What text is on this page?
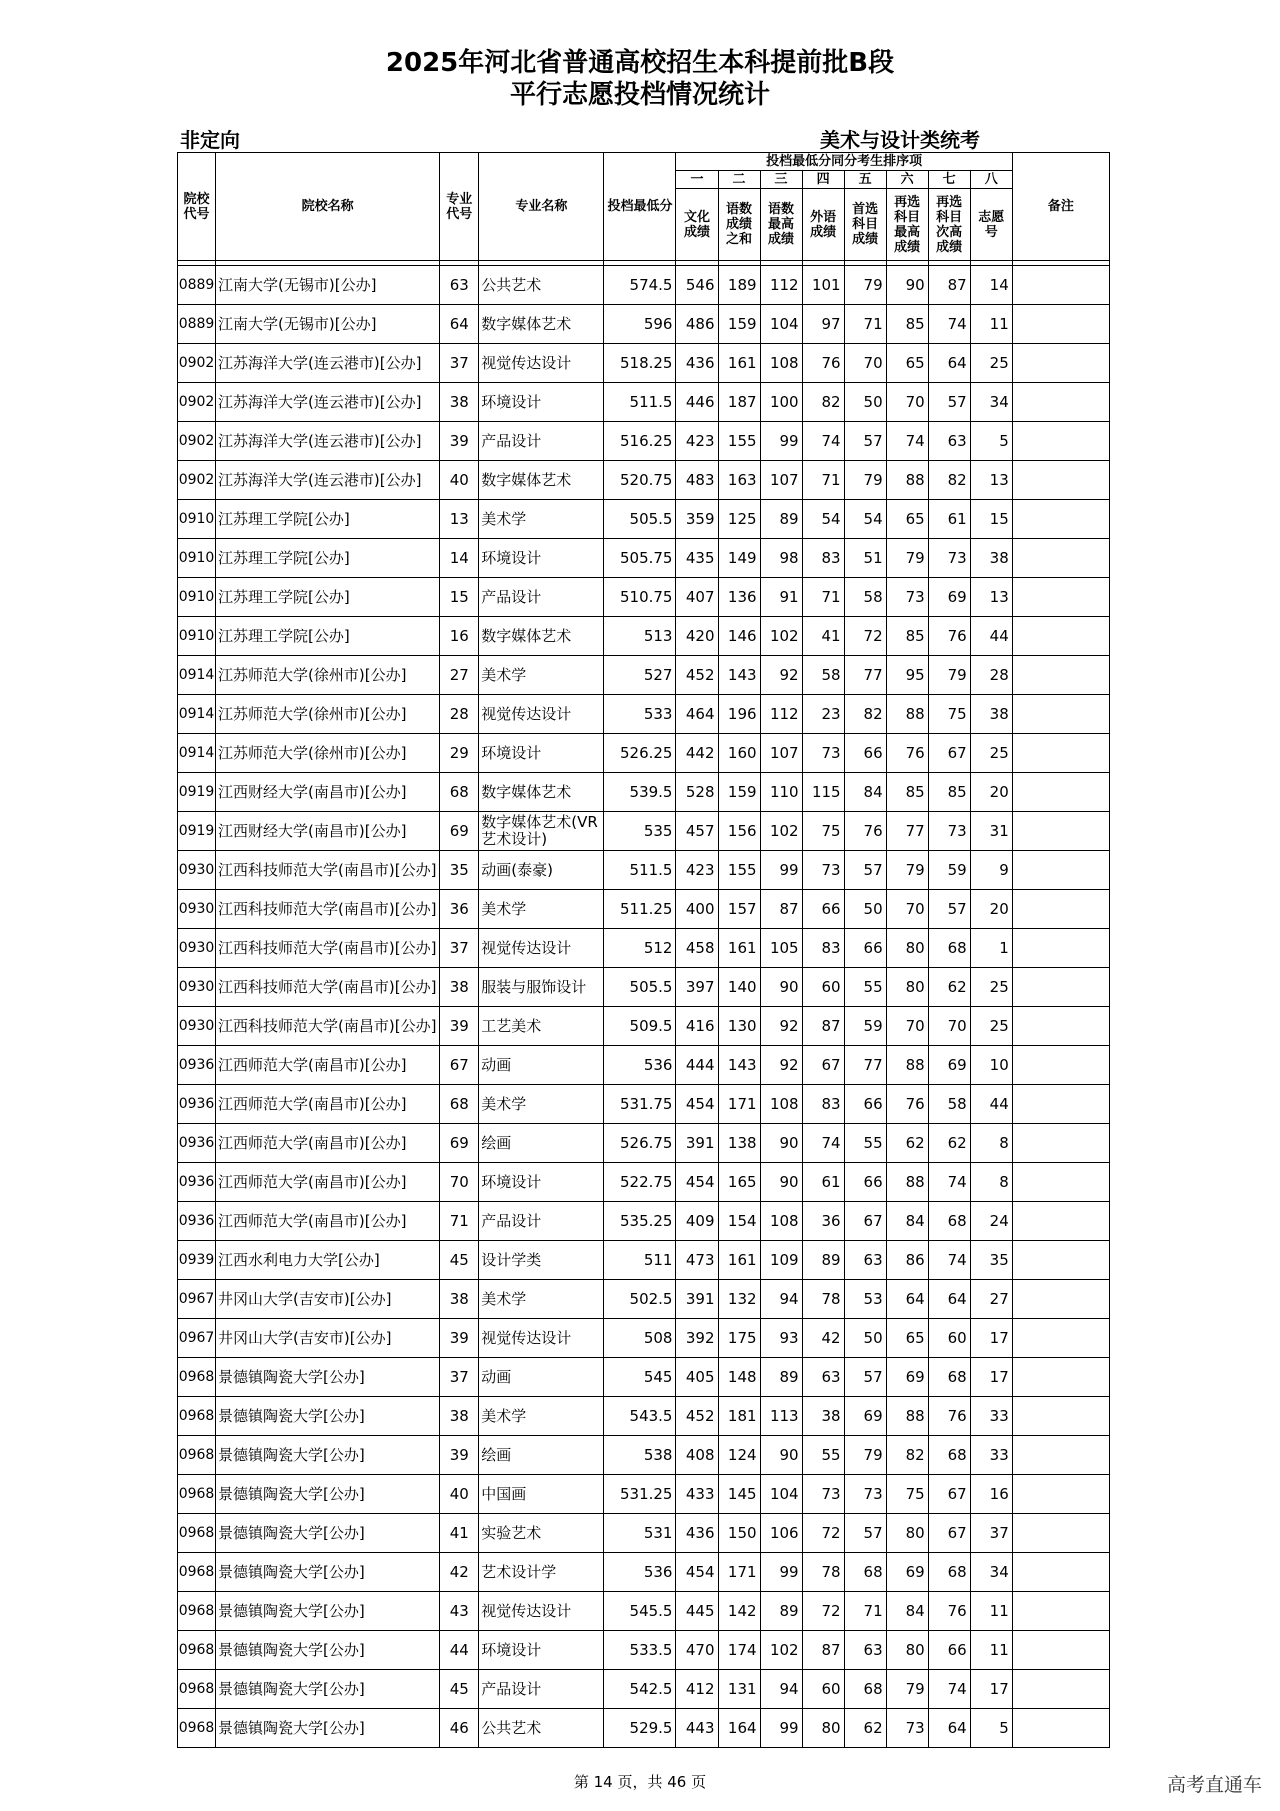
2025年河北省普通高校招生本科提前批B段
平行志愿投档情况统计
非定向	美术与设计类统考
院校代号	院校名称	专业代号	专业名称	投档最低分	投档最低分同分考生排序项								备注
					一	二	三	四	五	六	七	八	
					文化成绩	语数成绩之和	语数最高成绩	外语成绩	首选科目成绩	再选科目最高成绩	再选科目次高成绩	志愿号	

0889	江南大学(无锡市)[公办]	63	公共艺术	574.5	546	189	112	101	79	90	87	14	
0889	江南大学(无锡市)[公办]	64	数字媒体艺术	596	486	159	104	97	71	85	74	11	
0902	江苏海洋大学(连云港市)[公办]	37	视觉传达设计	518.25	436	161	108	76	70	65	64	25	
0902	江苏海洋大学(连云港市)[公办]	38	环境设计	511.5	446	187	100	82	50	70	57	34	
0902	江苏海洋大学(连云港市)[公办]	39	产品设计	516.25	423	155	99	74	57	74	63	5	
0902	江苏海洋大学(连云港市)[公办]	40	数字媒体艺术	520.75	483	163	107	71	79	88	82	13	
0910	江苏理工学院[公办]	13	美术学	505.5	359	125	89	54	54	65	61	15	
0910	江苏理工学院[公办]	14	环境设计	505.75	435	149	98	83	51	79	73	38	
0910	江苏理工学院[公办]	15	产品设计	510.75	407	136	91	71	58	73	69	13	
0910	江苏理工学院[公办]	16	数字媒体艺术	513	420	146	102	41	72	85	76	44	
0914	江苏师范大学(徐州市)[公办]	27	美术学	527	452	143	92	58	77	95	79	28	
0914	江苏师范大学(徐州市)[公办]	28	视觉传达设计	533	464	196	112	23	82	88	75	38	
0914	江苏师范大学(徐州市)[公办]	29	环境设计	526.25	442	160	107	73	66	76	67	25	
0919	江西财经大学(南昌市)[公办]	68	数字媒体艺术	539.5	528	159	110	115	84	85	85	20	
0919	江西财经大学(南昌市)[公办]	69	数字媒体艺术(VR艺术设计)	535	457	156	102	75	76	77	73	31	
0930	江西科技师范大学(南昌市)[公办]	35	动画(泰豪)	511.5	423	155	99	73	57	79	59	9	
0930	江西科技师范大学(南昌市)[公办]	36	美术学	511.25	400	157	87	66	50	70	57	20	
0930	江西科技师范大学(南昌市)[公办]	37	视觉传达设计	512	458	161	105	83	66	80	68	1	
0930	江西科技师范大学(南昌市)[公办]	38	服装与服饰设计	505.5	397	140	90	60	55	80	62	25	
0930	江西科技师范大学(南昌市)[公办]	39	工艺美术	509.5	416	130	92	87	59	70	70	25	
0936	江西师范大学(南昌市)[公办]	67	动画	536	444	143	92	67	77	88	69	10	
0936	江西师范大学(南昌市)[公办]	68	美术学	531.75	454	171	108	83	66	76	58	44	
0936	江西师范大学(南昌市)[公办]	69	绘画	526.75	391	138	90	74	55	62	62	8	
0936	江西师范大学(南昌市)[公办]	70	环境设计	522.75	454	165	90	61	66	88	74	8	
0936	江西师范大学(南昌市)[公办]	71	产品设计	535.25	409	154	108	36	67	84	68	24	
0939	江西水利电力大学[公办]	45	设计学类	511	473	161	109	89	63	86	74	35	
0967	井冈山大学(吉安市)[公办]	38	美术学	502.5	391	132	94	78	53	64	64	27	
0967	井冈山大学(吉安市)[公办]	39	视觉传达设计	508	392	175	93	42	50	65	60	17	
0968	景德镇陶瓷大学[公办]	37	动画	545	405	148	89	63	57	69	68	17	
0968	景德镇陶瓷大学[公办]	38	美术学	543.5	452	181	113	38	69	88	76	33	
0968	景德镇陶瓷大学[公办]	39	绘画	538	408	124	90	55	79	82	68	33	
0968	景德镇陶瓷大学[公办]	40	中国画	531.25	433	145	104	73	73	75	67	16	
0968	景德镇陶瓷大学[公办]	41	实验艺术	531	436	150	106	72	57	80	67	37	
0968	景德镇陶瓷大学[公办]	42	艺术设计学	536	454	171	99	78	68	69	68	34	
0968	景德镇陶瓷大学[公办]	43	视觉传达设计	545.5	445	142	89	72	71	84	76	11	
0968	景德镇陶瓷大学[公办]	44	环境设计	533.5	470	174	102	87	63	80	66	11	
0968	景德镇陶瓷大学[公办]	45	产品设计	542.5	412	131	94	60	68	79	74	17	
0968	景德镇陶瓷大学[公办]	46	公共艺术	529.5	443	164	99	80	62	73	64	5	
第 14 页，共 46 页	高考直通车
